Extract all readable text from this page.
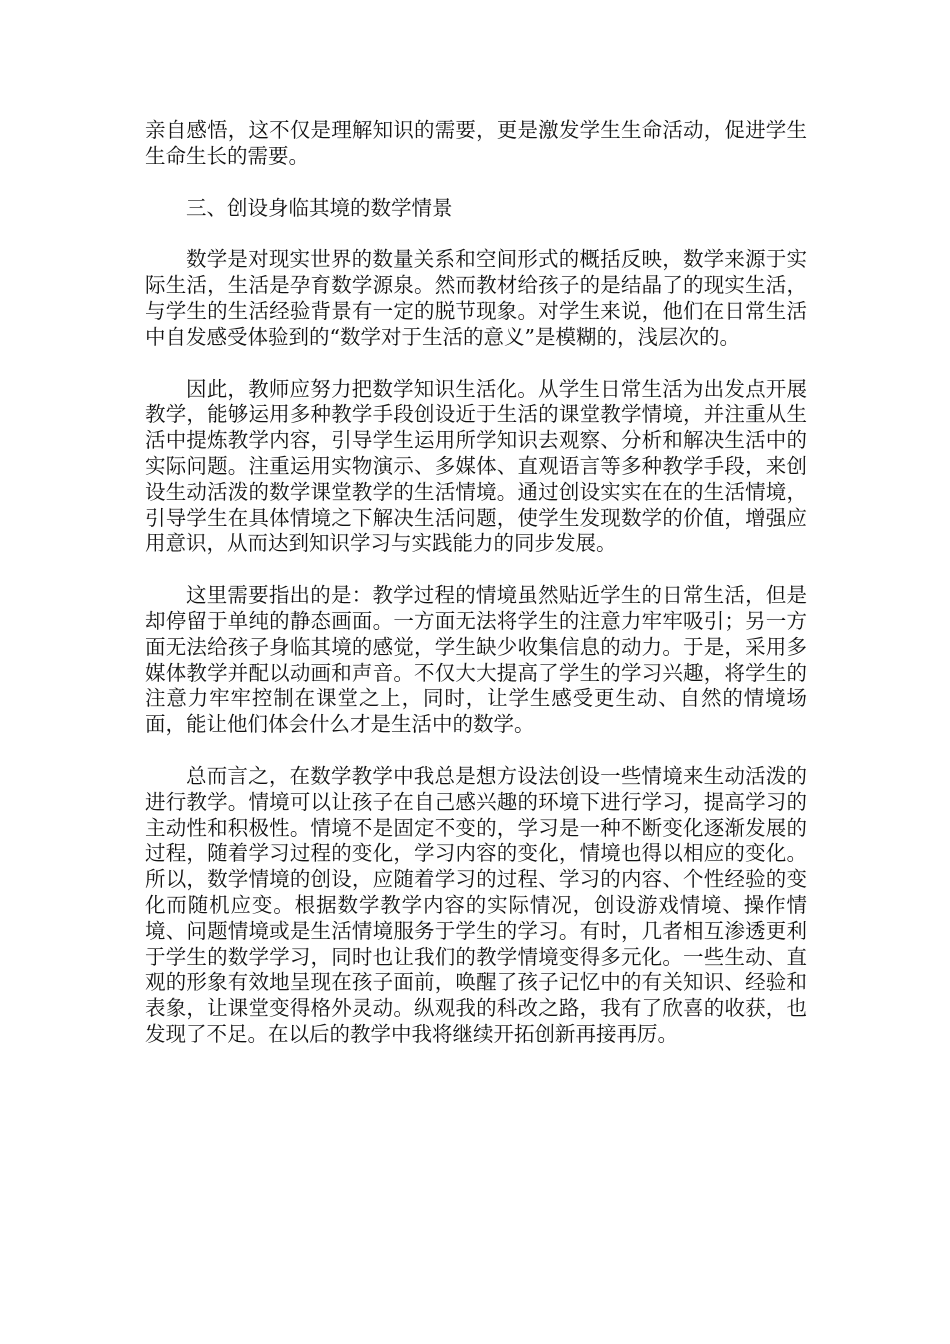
亲自感悟，这不仅是理解知识的需要，更是激发学生生命活动，促进学生生命生长的需要。

三、创设身临其境的数学情景

数学是对现实世界的数量关系和空间形式的概括反映，数学来源于实际生活，生活是孕育数学源泉。然而教材给孩子的是结晶了的现实生活，与学生的生活经验背景有一定的脱节现象。对学生来说，他们在日常生活中自发感受体验到的“数学对于生活的意义”是模糊的，浅层次的。

因此，教师应努力把数学知识生活化。从学生日常生活为出发点开展教学，能够运用多种教学手段创设近于生活的课堂教学情境，并注重从生活中提炼教学内容，引导学生运用所学知识去观察、分析和解决生活中的实际问题。注重运用实物演示、多媒体、直观语言等多种教学手段，来创设生动活泼的数学课堂教学的生活情境。通过创设实实在在的生活情境，引导学生在具体情境之下解决生活问题，使学生发现数学的价值，增强应用意识，从而达到知识学习与实践能力的同步发展。

这里需要指出的是：教学过程的情境虽然贴近学生的日常生活，但是却停留于单纯的静态画面。一方面无法将学生的注意力牢牢吸引；另一方面无法给孩子身临其境的感觉，学生缺少收集信息的动力。于是，采用多媒体教学并配以动画和声音。不仅大大提高了学生的学习兴趣，将学生的注意力牢牢控制在课堂之上，同时，让学生感受更生动、自然的情境场面，能让他们体会什么才是生活中的数学。

总而言之，在数学教学中我总是想方设法创设一些情境来生动活泼的进行教学。情境可以让孩子在自己感兴趣的环境下进行学习，提高学习的主动性和积极性。情境不是固定不变的，学习是一种不断变化逐渐发展的过程，随着学习过程的变化，学习内容的变化，情境也得以相应的变化。所以，数学情境的创设，应随着学习的过程、学习的内容、个性经验的变化而随机应变。根据数学教学内容的实际情况，创设游戏情境、操作情境、问题情境或是生活情境服务于学生的学习。有时，几者相互渗透更利于学生的数学学习，同时也让我们的教学情境变得多元化。一些生动、直观的形象有效地呈现在孩子面前，唤醒了孩子记忆中的有关知识、经验和表象，让课堂变得格外灵动。纵观我的科改之路，我有了欣喜的收获，也发现了不足。在以后的教学中我将继续开拓创新再接再厉。
